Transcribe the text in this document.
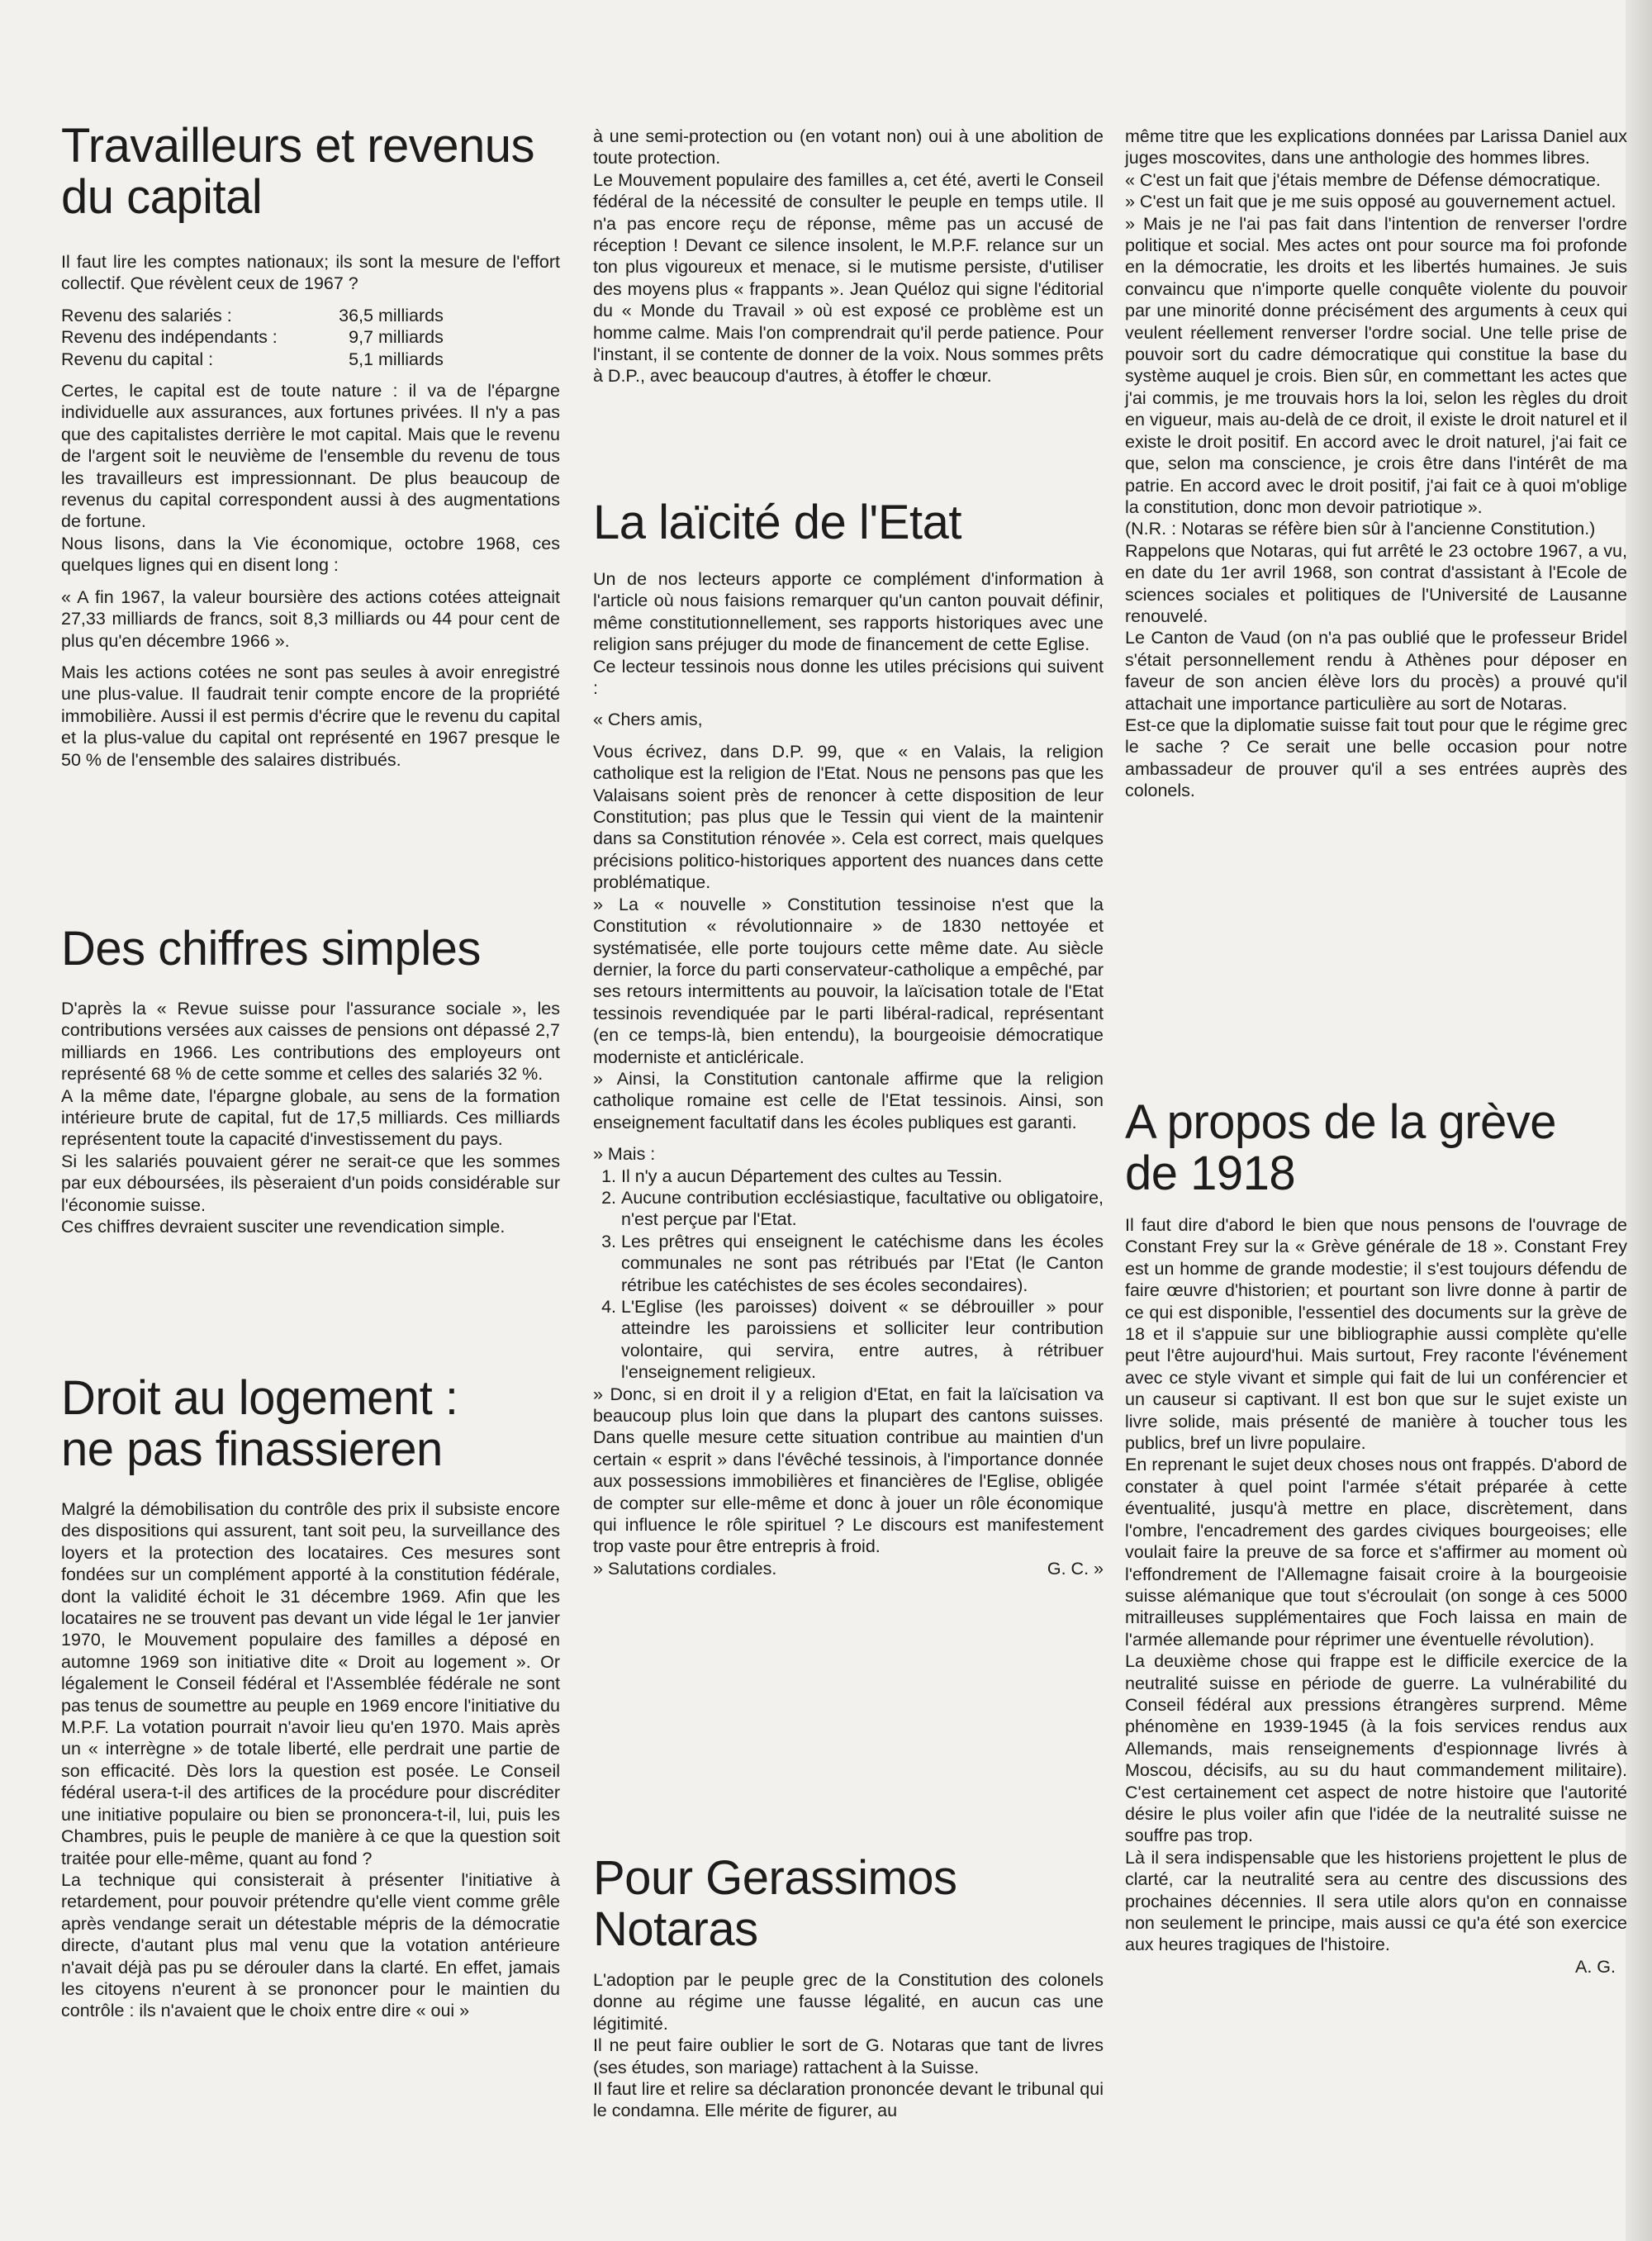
Travailleurs et revenus
du capital

Il faut lire les comptes nationaux; ils sont la mesure de l'effort collectif. Que révèlent ceux de 1967 ?

Revenu des salariés :	36,5	milliards
Revenu des indépendants :	9,7	milliards
Revenu du capital :	5,1	milliards

Certes, le capital est de toute nature : il va de l'épargne individuelle aux assurances, aux fortunes privées. Il n'y a pas que des capitalistes derrière le mot capital. Mais que le revenu de l'argent soit le neuvième de l'ensemble du revenu de tous les travailleurs est impressionnant. De plus beaucoup de revenus du capital correspondent aussi à des augmentations de fortune.

Nous lisons, dans la Vie économique, octobre 1968, ces quelques lignes qui en disent long :

« A fin 1967, la valeur boursière des actions cotées atteignait 27,33 milliards de francs, soit 8,3 milliards ou 44 pour cent de plus qu'en décembre 1966 ».

Mais les actions cotées ne sont pas seules à avoir enregistré une plus-value. Il faudrait tenir compte encore de la propriété immobilière. Aussi il est permis d'écrire que le revenu du capital et la plus-value du capital ont représenté en 1967 presque le 50 % de l'ensemble des salaires distribués.

Des chiffres simples

D'après la « Revue suisse pour l'assurance sociale », les contributions versées aux caisses de pensions ont dépassé 2,7 milliards en 1966. Les contributions des employeurs ont représenté 68 % de cette somme et celles des salariés 32 %.

A la même date, l'épargne globale, au sens de la formation intérieure brute de capital, fut de 17,5 milliards. Ces milliards représentent toute la capacité d'investissement du pays.

Si les salariés pouvaient gérer ne serait-ce que les sommes par eux déboursées, ils pèseraient d'un poids considérable sur l'économie suisse.

Ces chiffres devraient susciter une revendication simple.

Droit au logement :
ne pas finassieren

Malgré la démobilisation du contrôle des prix il subsiste encore des dispositions qui assurent, tant soit peu, la surveillance des loyers et la protection des locataires. Ces mesures sont fondées sur un complément apporté à la constitution fédérale, dont la validité échoit le 31 décembre 1969. Afin que les locataires ne se trouvent pas devant un vide légal le 1er janvier 1970, le Mouvement populaire des familles a déposé en automne 1969 son initiative dite « Droit au logement ». Or légalement le Conseil fédéral et l'Assemblée fédérale ne sont pas tenus de soumettre au peuple en 1969 encore l'initiative du M.P.F. La votation pourrait n'avoir lieu qu'en 1970. Mais après un « interrègne » de totale liberté, elle perdrait une partie de son efficacité. Dès lors la question est posée. Le Conseil fédéral usera-t-il des artifices de la procédure pour discréditer une initiative populaire ou bien se prononcera-t-il, lui, puis les Chambres, puis le peuple de manière à ce que la question soit traitée pour elle-même, quant au fond ?

La technique qui consisterait à présenter l'initiative à retardement, pour pouvoir prétendre qu'elle vient comme grêle après vendange serait un détestable mépris de la démocratie directe, d'autant plus mal venu que la votation antérieure n'avait déjà pas pu se dérouler dans la clarté. En effet, jamais les citoyens n'eurent à se prononcer pour le maintien du contrôle : ils n'avaient que le choix entre dire « oui »

à une semi-protection ou (en votant non) oui à une abolition de toute protection.

Le Mouvement populaire des familles a, cet été, averti le Conseil fédéral de la nécessité de consulter le peuple en temps utile. Il n'a pas encore reçu de réponse, même pas un accusé de réception ! Devant ce silence insolent, le M.P.F. relance sur un ton plus vigoureux et menace, si le mutisme persiste, d'utiliser des moyens plus « frappants ». Jean Quéloz qui signe l'éditorial du « Monde du Travail » où est exposé ce problème est un homme calme. Mais l'on comprendrait qu'il perde patience. Pour l'instant, il se contente de donner de la voix. Nous sommes prêts à D.P., avec beaucoup d'autres, à étoffer le chœur.

La laïcité de l'Etat

Un de nos lecteurs apporte ce complément d'information à l'article où nous faisions remarquer qu'un canton pouvait définir, même constitutionnellement, ses rapports historiques avec une religion sans préjuger du mode de financement de cette Eglise.

Ce lecteur tessinois nous donne les utiles précisions qui suivent :

« Chers amis,

Vous écrivez, dans D.P. 99, que « en Valais, la religion catholique est la religion de l'Etat. Nous ne pensons pas que les Valaisans soient près de renoncer à cette disposition de leur Constitution; pas plus que le Tessin qui vient de la maintenir dans sa Constitution rénovée ». Cela est correct, mais quelques précisions politico-historiques apportent des nuances dans cette problématique.

» La « nouvelle » Constitution tessinoise n'est que la Constitution « révolutionnaire » de 1830 nettoyée et systématisée, elle porte toujours cette même date. Au siècle dernier, la force du parti conservateur-catholique a empêché, par ses retours intermittents au pouvoir, la laïcisation totale de l'Etat tessinois revendiquée par le parti libéral-radical, représentant (en ce temps-là, bien entendu), la bourgeoisie démocratique moderniste et anticléricale.

» Ainsi, la Constitution cantonale affirme que la religion catholique romaine est celle de l'Etat tessinois. Ainsi, son enseignement facultatif dans les écoles publiques est garanti.

» Mais :

1. Il n'y a aucun Département des cultes au Tessin.
2. Aucune contribution ecclésiastique, facultative ou obligatoire, n'est perçue par l'Etat.
3. Les prêtres qui enseignent le catéchisme dans les écoles communales ne sont pas rétribués par l'Etat (le Canton rétribue les catéchistes de ses écoles secondaires).
4. L'Eglise (les paroisses) doivent « se débrouiller » pour atteindre les paroissiens et solliciter leur contribution volontaire, qui servira, entre autres, à rétribuer l'enseignement religieux.

» Donc, si en droit il y a religion d'Etat, en fait la laïcisation va beaucoup plus loin que dans la plupart des cantons suisses. Dans quelle mesure cette situation contribue au maintien d'un certain « esprit » dans l'évêché tessinois, à l'importance donnée aux possessions immobilières et financières de l'Eglise, obligée de compter sur elle-même et donc à jouer un rôle économique qui influence le rôle spirituel ? Le discours est manifestement trop vaste pour être entrepris à froid.

» Salutations cordiales.	G. C. »
Pour Gerassimos
Notaras

L'adoption par le peuple grec de la Constitution des colonels donne au régime une fausse légalité, en aucun cas une légitimité.

Il ne peut faire oublier le sort de G. Notaras que tant de livres (ses études, son mariage) rattachent à la Suisse.

Il faut lire et relire sa déclaration prononcée devant le tribunal qui le condamna. Elle mérite de figurer, au

même titre que les explications données par Larissa Daniel aux juges moscovites, dans une anthologie des hommes libres.

« C'est un fait que j'étais membre de Défense démocratique.

» C'est un fait que je me suis opposé au gouvernement actuel.

» Mais je ne l'ai pas fait dans l'intention de renverser l'ordre politique et social. Mes actes ont pour source ma foi profonde en la démocratie, les droits et les libertés humaines. Je suis convaincu que n'importe quelle conquête violente du pouvoir par une minorité donne précisément des arguments à ceux qui veulent réellement renverser l'ordre social. Une telle prise de pouvoir sort du cadre démocratique qui constitue la base du système auquel je crois. Bien sûr, en commettant les actes que j'ai commis, je me trouvais hors la loi, selon les règles du droit en vigueur, mais au-delà de ce droit, il existe le droit naturel et il existe le droit positif. En accord avec le droit naturel, j'ai fait ce que, selon ma conscience, je crois être dans l'intérêt de ma patrie. En accord avec le droit positif, j'ai fait ce à quoi m'oblige la constitution, donc mon devoir patriotique ».

(N.R. : Notaras se réfère bien sûr à l'ancienne Constitution.)

Rappelons que Notaras, qui fut arrêté le 23 octobre 1967, a vu, en date du 1er avril 1968, son contrat d'assistant à l'Ecole de sciences sociales et politiques de l'Université de Lausanne renouvelé.

Le Canton de Vaud (on n'a pas oublié que le professeur Bridel s'était personnellement rendu à Athènes pour déposer en faveur de son ancien élève lors du procès) a prouvé qu'il attachait une importance particulière au sort de Notaras.

Est-ce que la diplomatie suisse fait tout pour que le régime grec le sache ? Ce serait une belle occasion pour notre ambassadeur de prouver qu'il a ses entrées auprès des colonels.

A propos de la grève
de 1918

Il faut dire d'abord le bien que nous pensons de l'ouvrage de Constant Frey sur la « Grève générale de 18 ». Constant Frey est un homme de grande modestie; il s'est toujours défendu de faire œuvre d'historien; et pourtant son livre donne à partir de ce qui est disponible, l'essentiel des documents sur la grève de 18 et il s'appuie sur une bibliographie aussi complète qu'elle peut l'être aujourd'hui. Mais surtout, Frey raconte l'événement avec ce style vivant et simple qui fait de lui un conférencier et un causeur si captivant. Il est bon que sur le sujet existe un livre solide, mais présenté de manière à toucher tous les publics, bref un livre populaire.

En reprenant le sujet deux choses nous ont frappés. D'abord de constater à quel point l'armée s'était préparée à cette éventualité, jusqu'à mettre en place, discrètement, dans l'ombre, l'encadrement des gardes civiques bourgeoises; elle voulait faire la preuve de sa force et s'affirmer au moment où l'effondrement de l'Allemagne faisait croire à la bourgeoisie suisse alémanique que tout s'écroulait (on songe à ces 5000 mitrailleuses supplémentaires que Foch laissa en main de l'armée allemande pour réprimer une éventuelle révolution).

La deuxième chose qui frappe est le difficile exercice de la neutralité suisse en période de guerre. La vulnérabilité du Conseil fédéral aux pressions étrangères surprend. Même phénomène en 1939-1945 (à la fois services rendus aux Allemands, mais renseignements d'espionnage livrés à Moscou, décisifs, au su du haut commandement militaire). C'est certainement cet aspect de notre histoire que l'autorité désire le plus voiler afin que l'idée de la neutralité suisse ne souffre pas trop.

Là il sera indispensable que les historiens projettent le plus de clarté, car la neutralité sera au centre des discussions des prochaines décennies. Il sera utile alors qu'on en connaisse non seulement le principe, mais aussi ce qu'a été son exercice aux heures tragiques de l'histoire.

A. G.
